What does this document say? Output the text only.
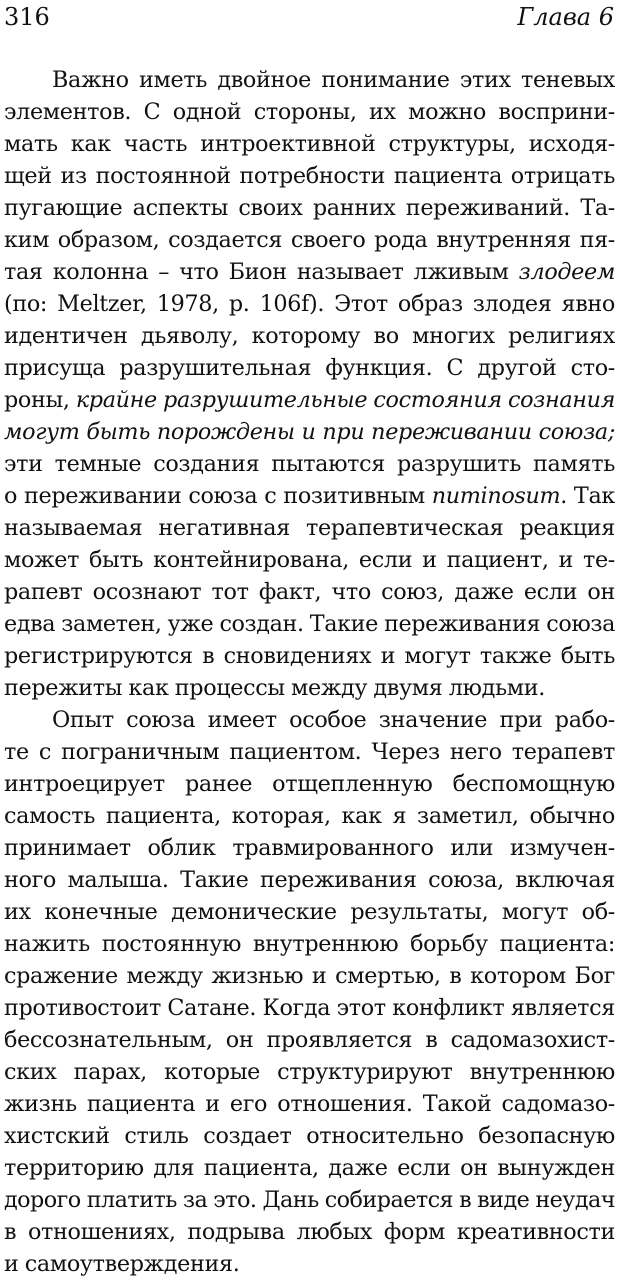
316	Глава 6
Важно иметь двойное понимание этих теневых
элементов. С одной стороны, их можно восприни-
мать как часть интроективной структуры, исходя-
щей из постоянной потребности пациента отрицать
пугающие аспекты своих ранних переживаний. Та-
ким образом, создается своего рода внутренняя пя-
тая колонна – что Бион называет лживым злодеем
(по: Meltzer, 1978, p. 106f). Этот образ злодея явно
идентичен дьяволу, которому во многих религиях
присуща разрушительная функция. С другой сто-
роны, крайне разрушительные состояния сознания
могут быть порождены и при переживании союза;
эти темные создания пытаются разрушить память
о переживании союза с позитивным numinosum. Так
называемая негативная терапевтическая реакция
может быть контейнирована, если и пациент, и те-
рапевт осознают тот факт, что союз, даже если он
едва заметен, уже создан. Такие переживания союза
регистрируются в сновидениях и могут также быть
пережиты как процессы между двумя людьми.
Опыт союза имеет особое значение при рабо-
те с пограничным пациентом. Через него терапевт
интроецирует ранее отщепленную беспомощную
самость пациента, которая, как я заметил, обычно
принимает облик травмированного или измучен-
ного малыша. Такие переживания союза, включая
их конечные демонические результаты, могут об-
нажить постоянную внутреннюю борьбу пациента:
сражение между жизнью и смертью, в котором Бог
противостоит Сатане. Когда этот конфликт является
бессознательным, он проявляется в садомазохист-
ских парах, которые структурируют внутреннюю
жизнь пациента и его отношения. Такой садомазо-
хистский стиль создает относительно безопасную
территорию для пациента, даже если он вынужден
дорого платить за это. Дань собирается в виде неудач
в отношениях, подрыва любых форм креативности
и самоутверждения.
